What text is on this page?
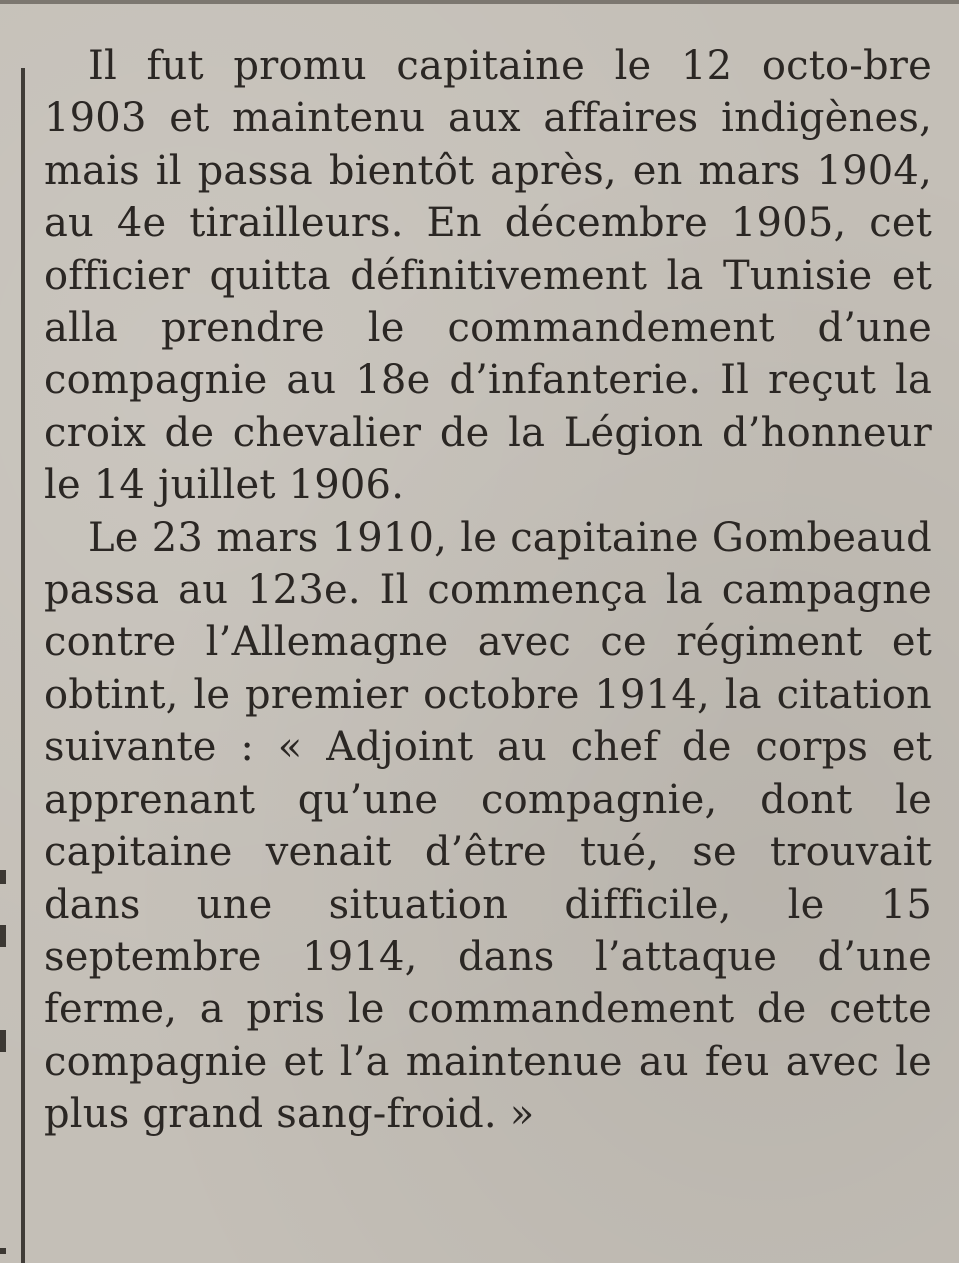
Il fut promu capitaine le 12 octo-bre 1903 et maintenu aux affaires indigènes, mais il passa bientôt après, en mars 1904, au 4e tirailleurs. En décembre 1905, cet officier quitta définitivement la Tunisie et alla prendre le commandement d’une compagnie au 18e d’infanterie. Il reçut la croix de chevalier de la Légion d’honneur le 14 juillet 1906.

Le 23 mars 1910, le capitaine Gombeaud passa au 123e. Il commença la campagne contre l’Allemagne avec ce régiment et obtint, le premier octobre 1914, la citation suivante : « Adjoint au chef de corps et apprenant qu’une compagnie, dont le capitaine venait d’être tué, se trouvait dans une situation difficile, le 15 septembre 1914, dans l’attaque d’une ferme, a pris le commandement de cette compagnie et l’a maintenue au feu avec le plus grand sang-froid. »
